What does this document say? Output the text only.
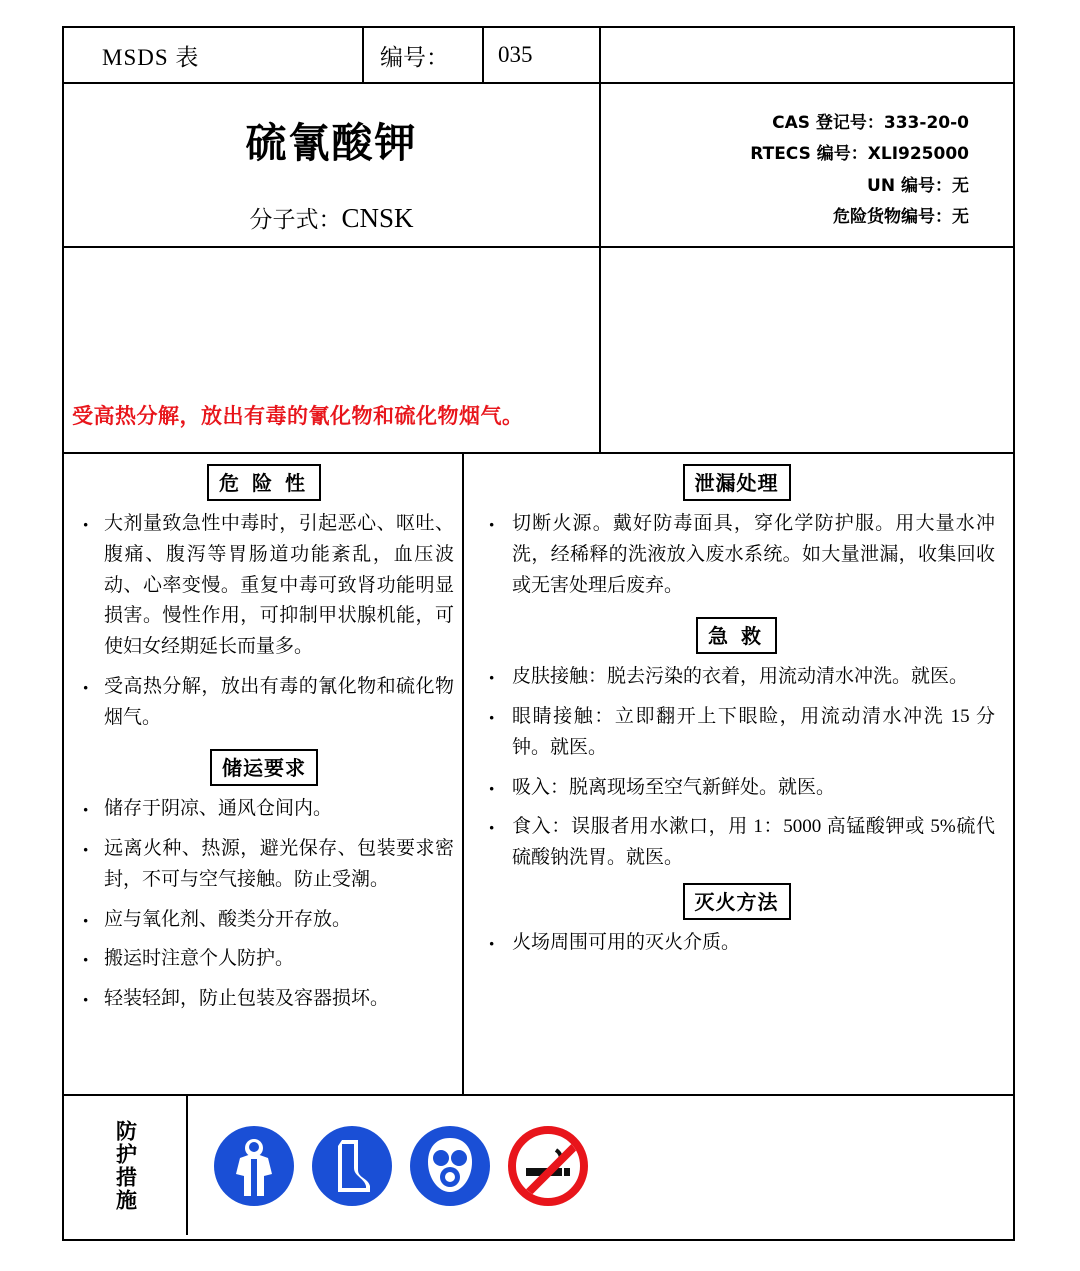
MSDS 表	编号：	035
硫氰酸钾
分子式：CNSK
CAS 登记号：333-20-0
RTECS 编号：XLI925000
UN 编号：无
危险货物编号：无
受高热分解，放出有毒的氰化物和硫化物烟气。
危 险 性
· 大剂量致急性中毒时，引起恶心、呕吐、腹痛、腹泻等胃肠道功能紊乱，血压波动、心率变慢。重复中毒可致肾功能明显损害。慢性作用，可抑制甲状腺机能，可使妇女经期延长而量多。
· 受高热分解，放出有毒的氰化物和硫化物烟气。
储运要求
· 储存于阴凉、通风仓间内。
· 远离火种、热源，避光保存、包装要求密封，不可与空气接触。防止受潮。
· 应与氧化剂、酸类分开存放。
· 搬运时注意个人防护。
· 轻装轻卸，防止包装及容器损坏。
泄漏处理
· 切断火源。戴好防毒面具，穿化学防护服。用大量水冲洗，经稀释的洗液放入废水系统。如大量泄漏，收集回收或无害处理后废弃。
急 救
· 皮肤接触：脱去污染的衣着，用流动清水冲洗。就医。
· 眼睛接触：立即翻开上下眼睑，用流动清水冲洗 15 分钟。就医。
· 吸入：脱离现场至空气新鲜处。就医。
· 食入：误服者用水漱口，用 1：5000 高锰酸钾或 5%硫代硫酸钠洗胃。就医。
灭火方法
· 火场周围可用的灭火介质。
防护措施
